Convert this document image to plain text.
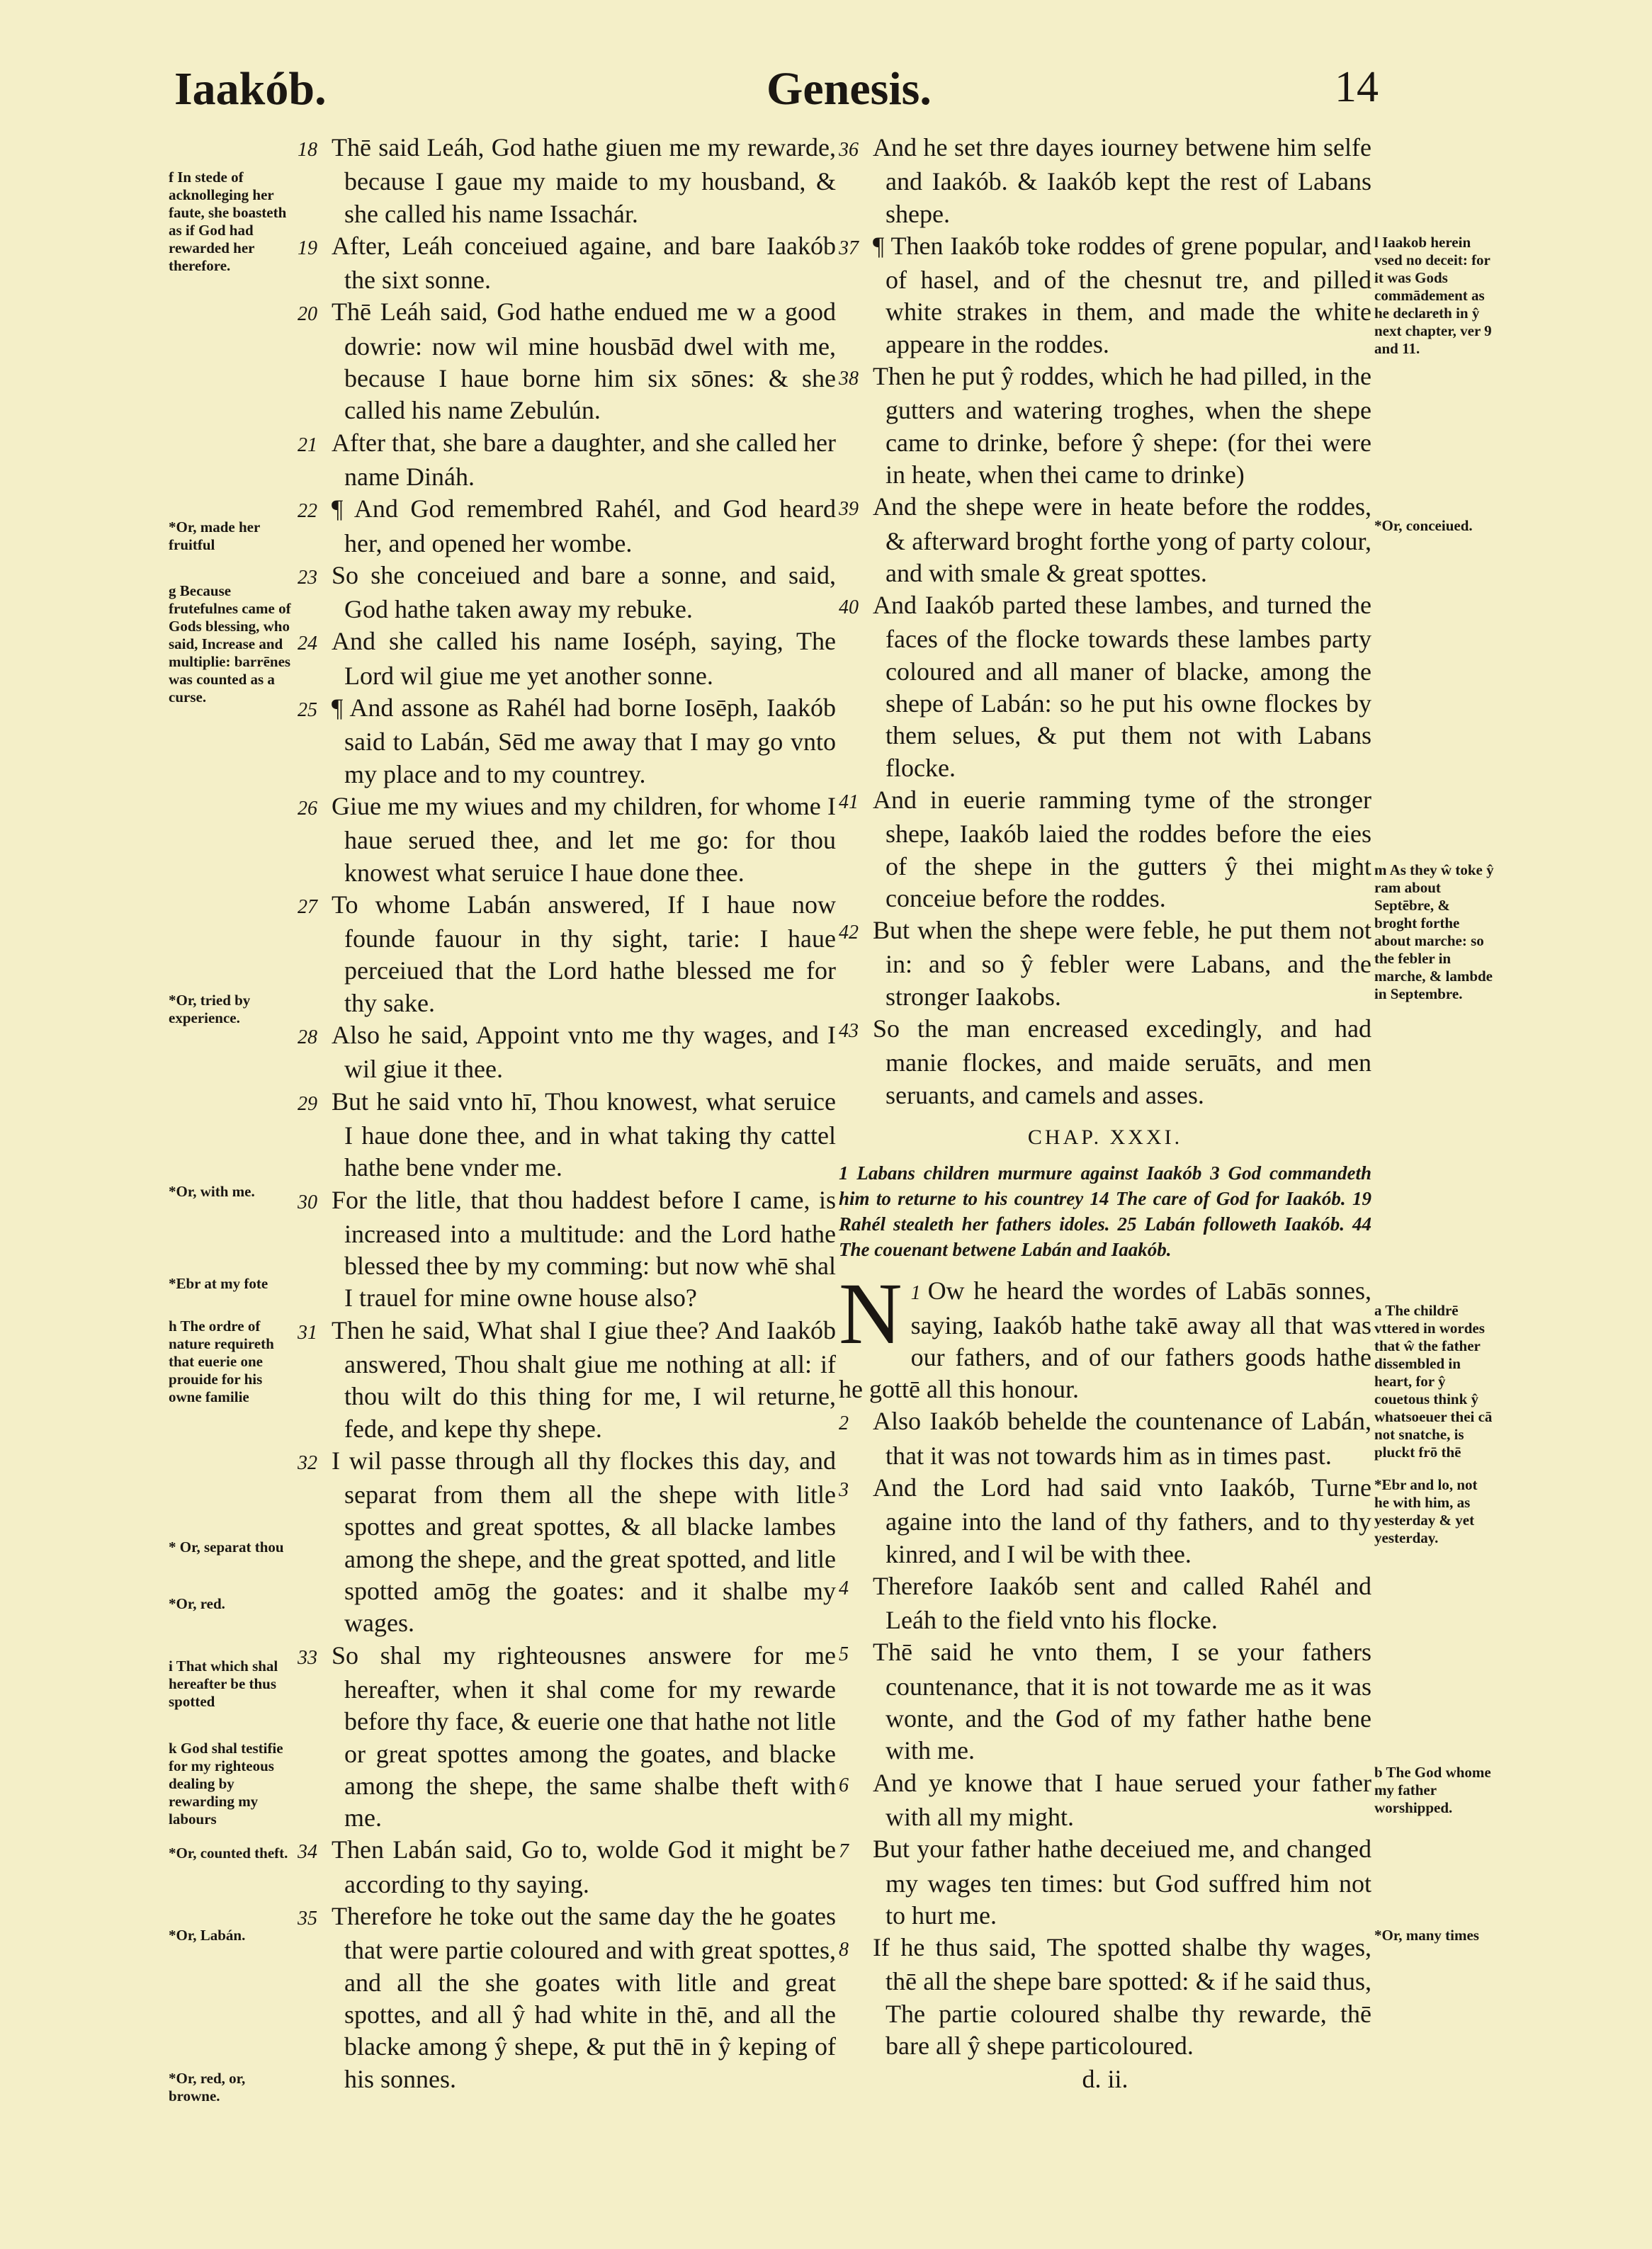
Iaakób.	Genesis.	14
f In stede of acknolleging her faute, she boasteth as if God had rewarded her therefore.
*Or, made her fruitful
g Because frutefulnes came of Gods blessing, who said, Increase and multiplie: barrēnes was counted as a curse.
*Or, tried by experience.
*Or, with me.
*Ebr at my fote
h The ordre of nature requireth that euerie one prouide for his owne familie
* Or, separat thou
*Or, red.
i That which shal hereafter be thus spotted
k God shal testifie for my righteous dealing by rewarding my labours
*Or, counted theft.
*Or, Labán.
*Or, red, or, browne.
l Iaakob herein vsed no deceit: for it was Gods commādement as he declareth in ŷ next chapter, ver 9 and 11.
*Or, conceiued.
m As they ŵ toke ŷ ram about Septēbre, & broght forthe about marche: so the febler in marche, & lambde in Septembre.
a The childrē vttered in wordes that ŵ the father dissembled in heart, for ŷ couetous think ŷ whatsoeuer thei cā not snatche, is pluckt frō thē
*Ebr and lo, not he with him, as yesterday & yet yesterday.
b The God whome my father worshipped.
*Or, many times

18 Thē said Leáh, God hathe giuen me my rewarde, because I gaue my maide to my housband, & she called his name Issachár.

19 After, Leáh conceiued againe, and bare Iaakób the sixt sonne.

20 Thē Leáh said, God hathe endued me w a good dowrie: now wil mine housbād dwel with me, because I haue borne him six sōnes: & she called his name Zebulún.

21 After that, she bare a daughter, and she called her name Dináh.

22 ¶ And God remembred Rahél, and God heard her, and opened her wombe.

23 So she conceiued and bare a sonne, and said, God hathe taken away my rebuke.

24 And she called his name Ioséph, saying, The Lord wil giue me yet another sonne.

25 ¶ And assone as Rahél had borne Iosēph, Iaakób said to Labán, Sēd me away that I may go vnto my place and to my countrey.

26 Giue me my wiues and my children, for whome I haue serued thee, and let me go: for thou knowest what seruice I haue done thee.

27 To whome Labán answered, If I haue now founde fauour in thy sight, tarie: I haue perceiued that the Lord hathe blessed me for thy sake.

28 Also he said, Appoint vnto me thy wages, and I wil giue it thee.

29 But he said vnto hī, Thou knowest, what seruice I haue done thee, and in what taking thy cattel hathe bene vnder me.

30 For the litle, that thou haddest before I came, is increased into a multitude: and the Lord hathe blessed thee by my comming: but now whē shal I trauel for mine owne house also?

31 Then he said, What shal I giue thee? And Iaakób answered, Thou shalt giue me nothing at all: if thou wilt do this thing for me, I wil returne, fede, and kepe thy shepe.

32 I wil passe through all thy flockes this day, and separat from them all the shepe with litle spottes and great spottes, & all blacke lambes among the shepe, and the great spotted, and litle spotted amōg the goates: and it shalbe my wages.

33 So shal my righteousnes answere for me hereafter, when it shal come for my rewarde before thy face, & euerie one that hathe not litle or great spottes among the goates, and blacke among the shepe, the same shalbe theft with me.

34 Then Labán said, Go to, wolde God it might be according to thy saying.

35 Therefore he toke out the same day the he goates that were partie coloured and with great spottes, and all the she goates with litle and great spottes, and all ŷ had white in thē, and all the blacke among ŷ shepe, & put thē in ŷ keping of his sonnes.

36 And he set thre dayes iourney betwene him selfe and Iaakób. & Iaakób kept the rest of Labans shepe.

37 ¶ Then Iaakób toke roddes of grene popular, and of hasel, and of the chesnut tre, and pilled white strakes in them, and made the white appeare in the roddes.

38 Then he put ŷ roddes, which he had pilled, in the gutters and watering troghes, when the shepe came to drinke, before ŷ shepe: (for thei were in heate, when thei came to drinke)

39 And the shepe were in heate before the roddes, & afterward broght forthe yong of party colour, and with smale & great spottes.

40 And Iaakób parted these lambes, and turned the faces of the flocke towards these lambes party coloured and all maner of blacke, among the shepe of Labán: so he put his owne flockes by them selues, & put them not with Labans flocke.

41 And in euerie ramming tyme of the stronger shepe, Iaakób laied the roddes before the eies of the shepe in the gutters ŷ thei might conceiue before the roddes.

42 But when the shepe were feble, he put them not in: and so ŷ febler were Labans, and the stronger Iaakobs.

43 So the man encreased excedingly, and had manie flockes, and maide seruāts, and men seruants, and camels and asses.

CHAP. XXXI.

1 Labans children murmure against Iaakób 3 God commandeth him to returne to his countrey 14 The care of God for Iaakób. 19 Rahél stealeth her fathers idoles. 25 Labán followeth Iaakób. 44 The couenant betwene Labán and Iaakób.

1
N Ow he heard the wordes of Labās sonnes, saying, Iaakób hathe takē away all that was our fathers, and of our fathers goods hathe he gottē all this honour.

2 Also Iaakób behelde the countenance of Labán, that it was not towards him as in times past.

3 And the Lord had said vnto Iaakób, Turne againe into the land of thy fathers, and to thy kinred, and I wil be with thee.

4 Therefore Iaakób sent and called Rahél and Leáh to the field vnto his flocke.

5 Thē said he vnto them, I se your fathers countenance, that it is not towarde me as it was wonte, and the God of my father hathe bene with me.

6 And ye knowe that I haue serued your father with all my might.

7 But your father hathe deceiued me, and changed my wages ten times: but God suffred him not to hurt me.

8 If he thus said, The spotted shalbe thy wages, thē all the shepe bare spotted: & if he said thus, The partie coloured shalbe thy rewarde, thē bare all ŷ shepe particoloured.

d. ii.
